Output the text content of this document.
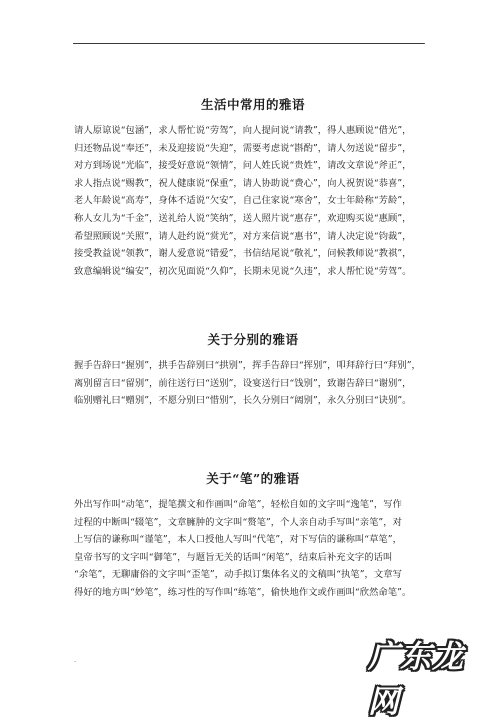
.
生活中常用的雅语
请人原谅说“包涵”，求人帮忙说“劳驾”，向人提问说“请教”，得人惠顾说“借光”，
归还物品说“奉还”，未及迎接说“失迎”，需要考虑说“斟酌”，请人勿送说“留步”，
对方到场说“光临”，接受好意说“领情”，问人姓氏说“贵姓”，请改文章说“斧正”，
求人指点说“赐教”，祝人健康说“保重”，请人协助说“费心”，向人祝贺说“恭喜”，
老人年龄说“高寿”，身体不适说“欠安”，自己住家说“寒舍”，女士年龄称“芳龄”，
称人女儿为“千金”，送礼给人说“笑纳”，送人照片说“惠存”，欢迎购买说“惠顾”，
希望照顾说“关照”，请人赴约说“赏光”，对方来信说“惠书”，请人决定说“钧裁”，
接受教益说“领教”，谢人爱意说“错爱”，书信结尾说“敬礼”，问候教师说“教祺”，
致意编辑说“编安”，初次见面说“久仰”，长期未见说“久违”，求人帮忙说“劳驾”。
关于分别的雅语
握手告辞曰“握别”，拱手告辞别曰“拱别”，挥手告辞曰“挥别”，叩拜辞行曰“拜别”，
离别留言曰“留别”，前往送行曰“送别”，设宴送行曰“饯别”，致谢告辞曰“谢别”，
临别赠礼曰“赠别”，不愿分别曰“惜别”，长久分别曰“阔别”，永久分别曰“诀别”。
关于“笔”的雅语
外出写作叫“动笔”，提笔撰文和作画叫“命笔”，轻松自如的文字叫“逸笔”，写作
过程的中断叫“辍笔”，文章臃肿的文字叫“赘笔”，个人亲自动手写叫“亲笔”，对
上写信的谦称叫“谨笔”，本人口授他人写叫“代笔”，对下写信的谦称叫“草笔”，
皇帝书写的文字叫“御笔”，与题旨无关的话叫“闲笔”，结束后补充文字的话叫
“余笔”，无聊庸俗的文字叫“歪笔”，动手拟订集体名义的文稿叫“执笔”，文章写
得好的地方叫“妙笔”，练习性的写作叫“练笔”，偷快地作文或作画叫“欣然命笔”。
.	广东龙网
